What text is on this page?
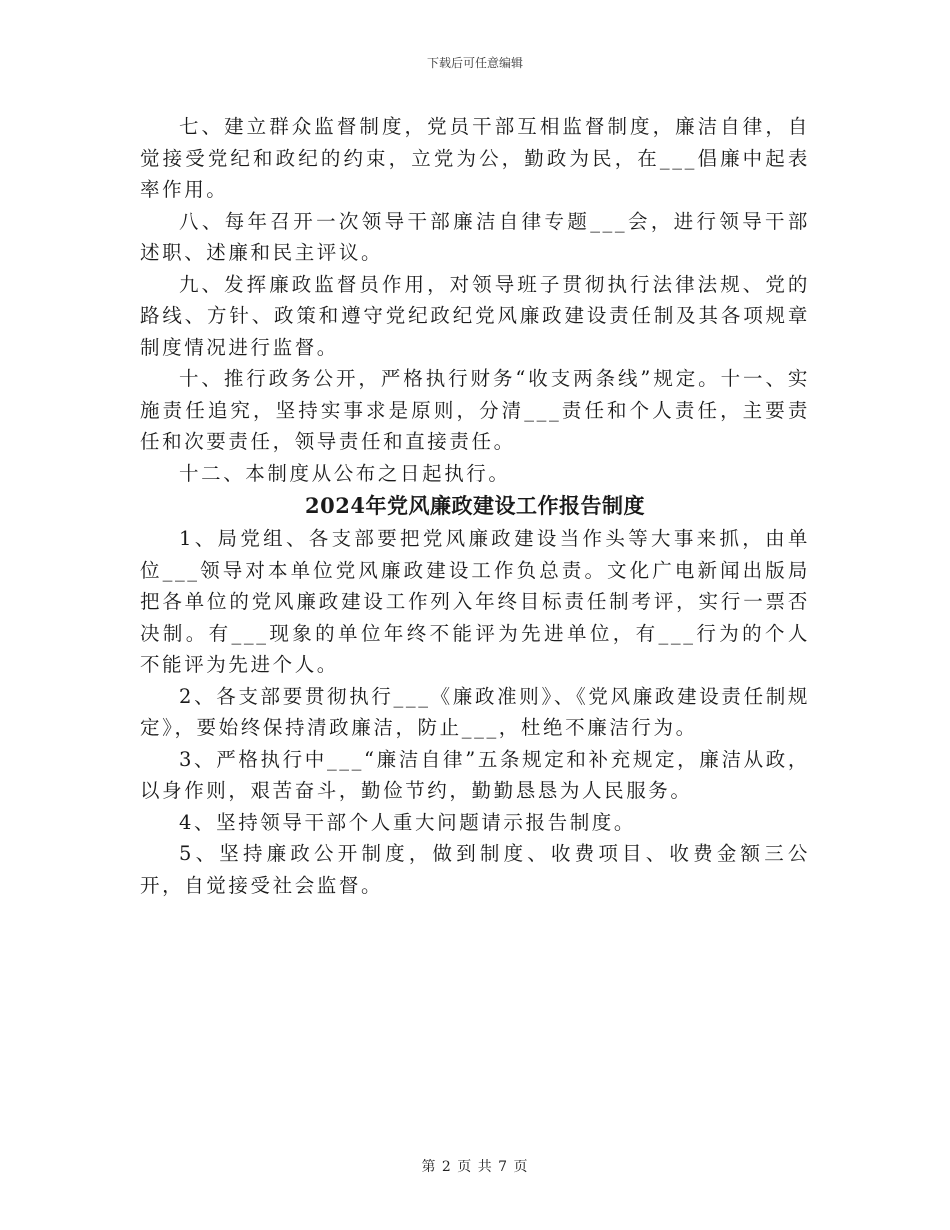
下载后可任意编辑

七、建立群众监督制度，党员干部互相监督制度，廉洁自律，自觉接受党纪和政纪的约束，立党为公，勤政为民，在___倡廉中起表率作用。

八、每年召开一次领导干部廉洁自律专题___会，进行领导干部述职、述廉和民主评议。

九、发挥廉政监督员作用，对领导班子贯彻执行法律法规、党的路线、方针、政策和遵守党纪政纪党风廉政建设责任制及其各项规章制度情况进行监督。

十、推行政务公开，严格执行财务“收支两条线”规定。十一、实施责任追究，坚持实事求是原则，分清___责任和个人责任，主要责任和次要责任，领导责任和直接责任。

十二、本制度从公布之日起执行。

2024年党风廉政建设工作报告制度

1、局党组、各支部要把党风廉政建设当作头等大事来抓，由单位___领导对本单位党风廉政建设工作负总责。文化广电新闻出版局把各单位的党风廉政建设工作列入年终目标责任制考评，实行一票否决制。有___现象的单位年终不能评为先进单位，有___行为的个人不能评为先进个人。

2、各支部要贯彻执行___《廉政准则》、《党风廉政建设责任制规定》，要始终保持清政廉洁，防止___，杜绝不廉洁行为。

3、严格执行中___“廉洁自律”五条规定和补充规定，廉洁从政，以身作则，艰苦奋斗，勤俭节约，勤勤恳恳为人民服务。

4、坚持领导干部个人重大问题请示报告制度。

5、坚持廉政公开制度，做到制度、收费项目、收费金额三公开，自觉接受社会监督。

第 2 页 共 7 页
